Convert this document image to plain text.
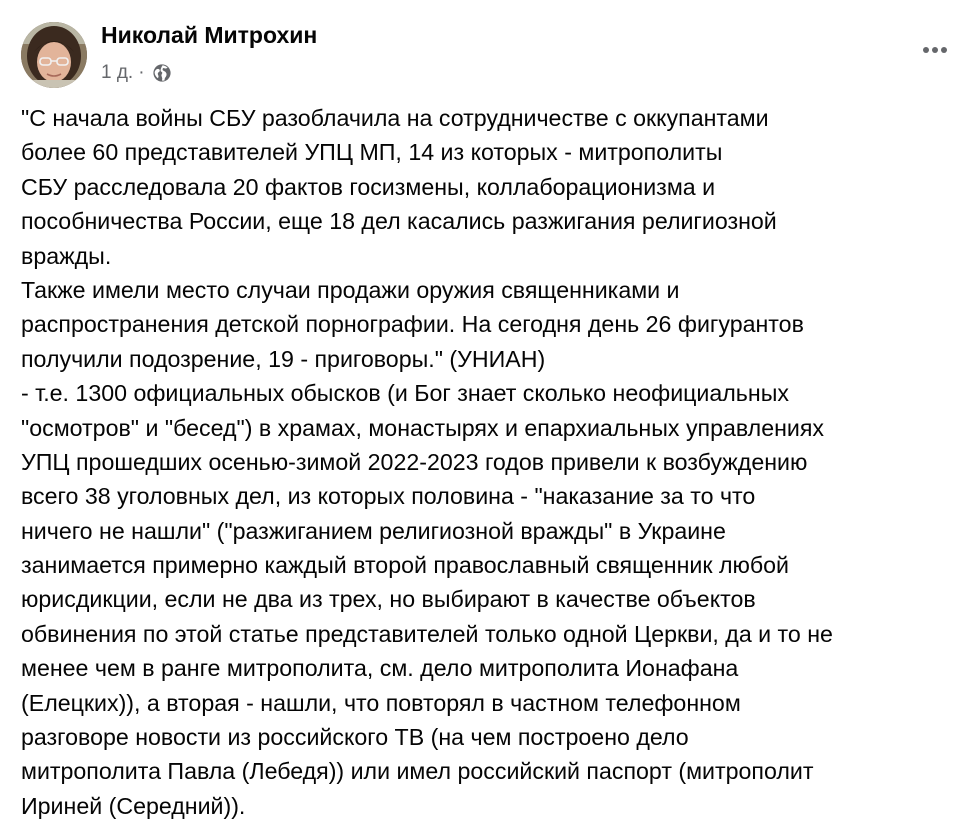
Николай Митрохин
1 д. ·
"С начала войны СБУ разоблачила на сотрудничестве с оккупантами
более 60 представителей УПЦ МП, 14 из которых - митрополиты
СБУ расследовала 20 фактов госизмены, коллаборационизма и
пособничества России, еще 18 дел касались разжигания религиозной
вражды.
Также имели место случаи продажи оружия священниками и
распространения детской порнографии. На сегодня день 26 фигурантов
получили подозрение, 19 - приговоры." (УНИАН)
- т.е. 1300 официальных обысков (и Бог знает сколько неофициальных
"осмотров" и "бесед") в храмах, монастырях и епархиальных управлениях
УПЦ прошедших осенью-зимой 2022-2023 годов привели к возбуждению
всего 38 уголовных дел, из которых половина - "наказание за то что
ничего не нашли" ("разжиганием религиозной вражды" в Украине
занимается примерно каждый второй православный священник любой
юрисдикции, если не два из трех, но выбирают в качестве объектов
обвинения по этой статье представителей только одной Церкви, да и то не
менее чем в ранге митрополита, см. дело митрополита Ионафана
(Елецких)), а вторая - нашли, что повторял в частном телефонном
разговоре новости из российского ТВ (на чем построено дело
митрополита Павла (Лебедя)) или имел российский паспорт (митрополит
Ириней (Середний)).
